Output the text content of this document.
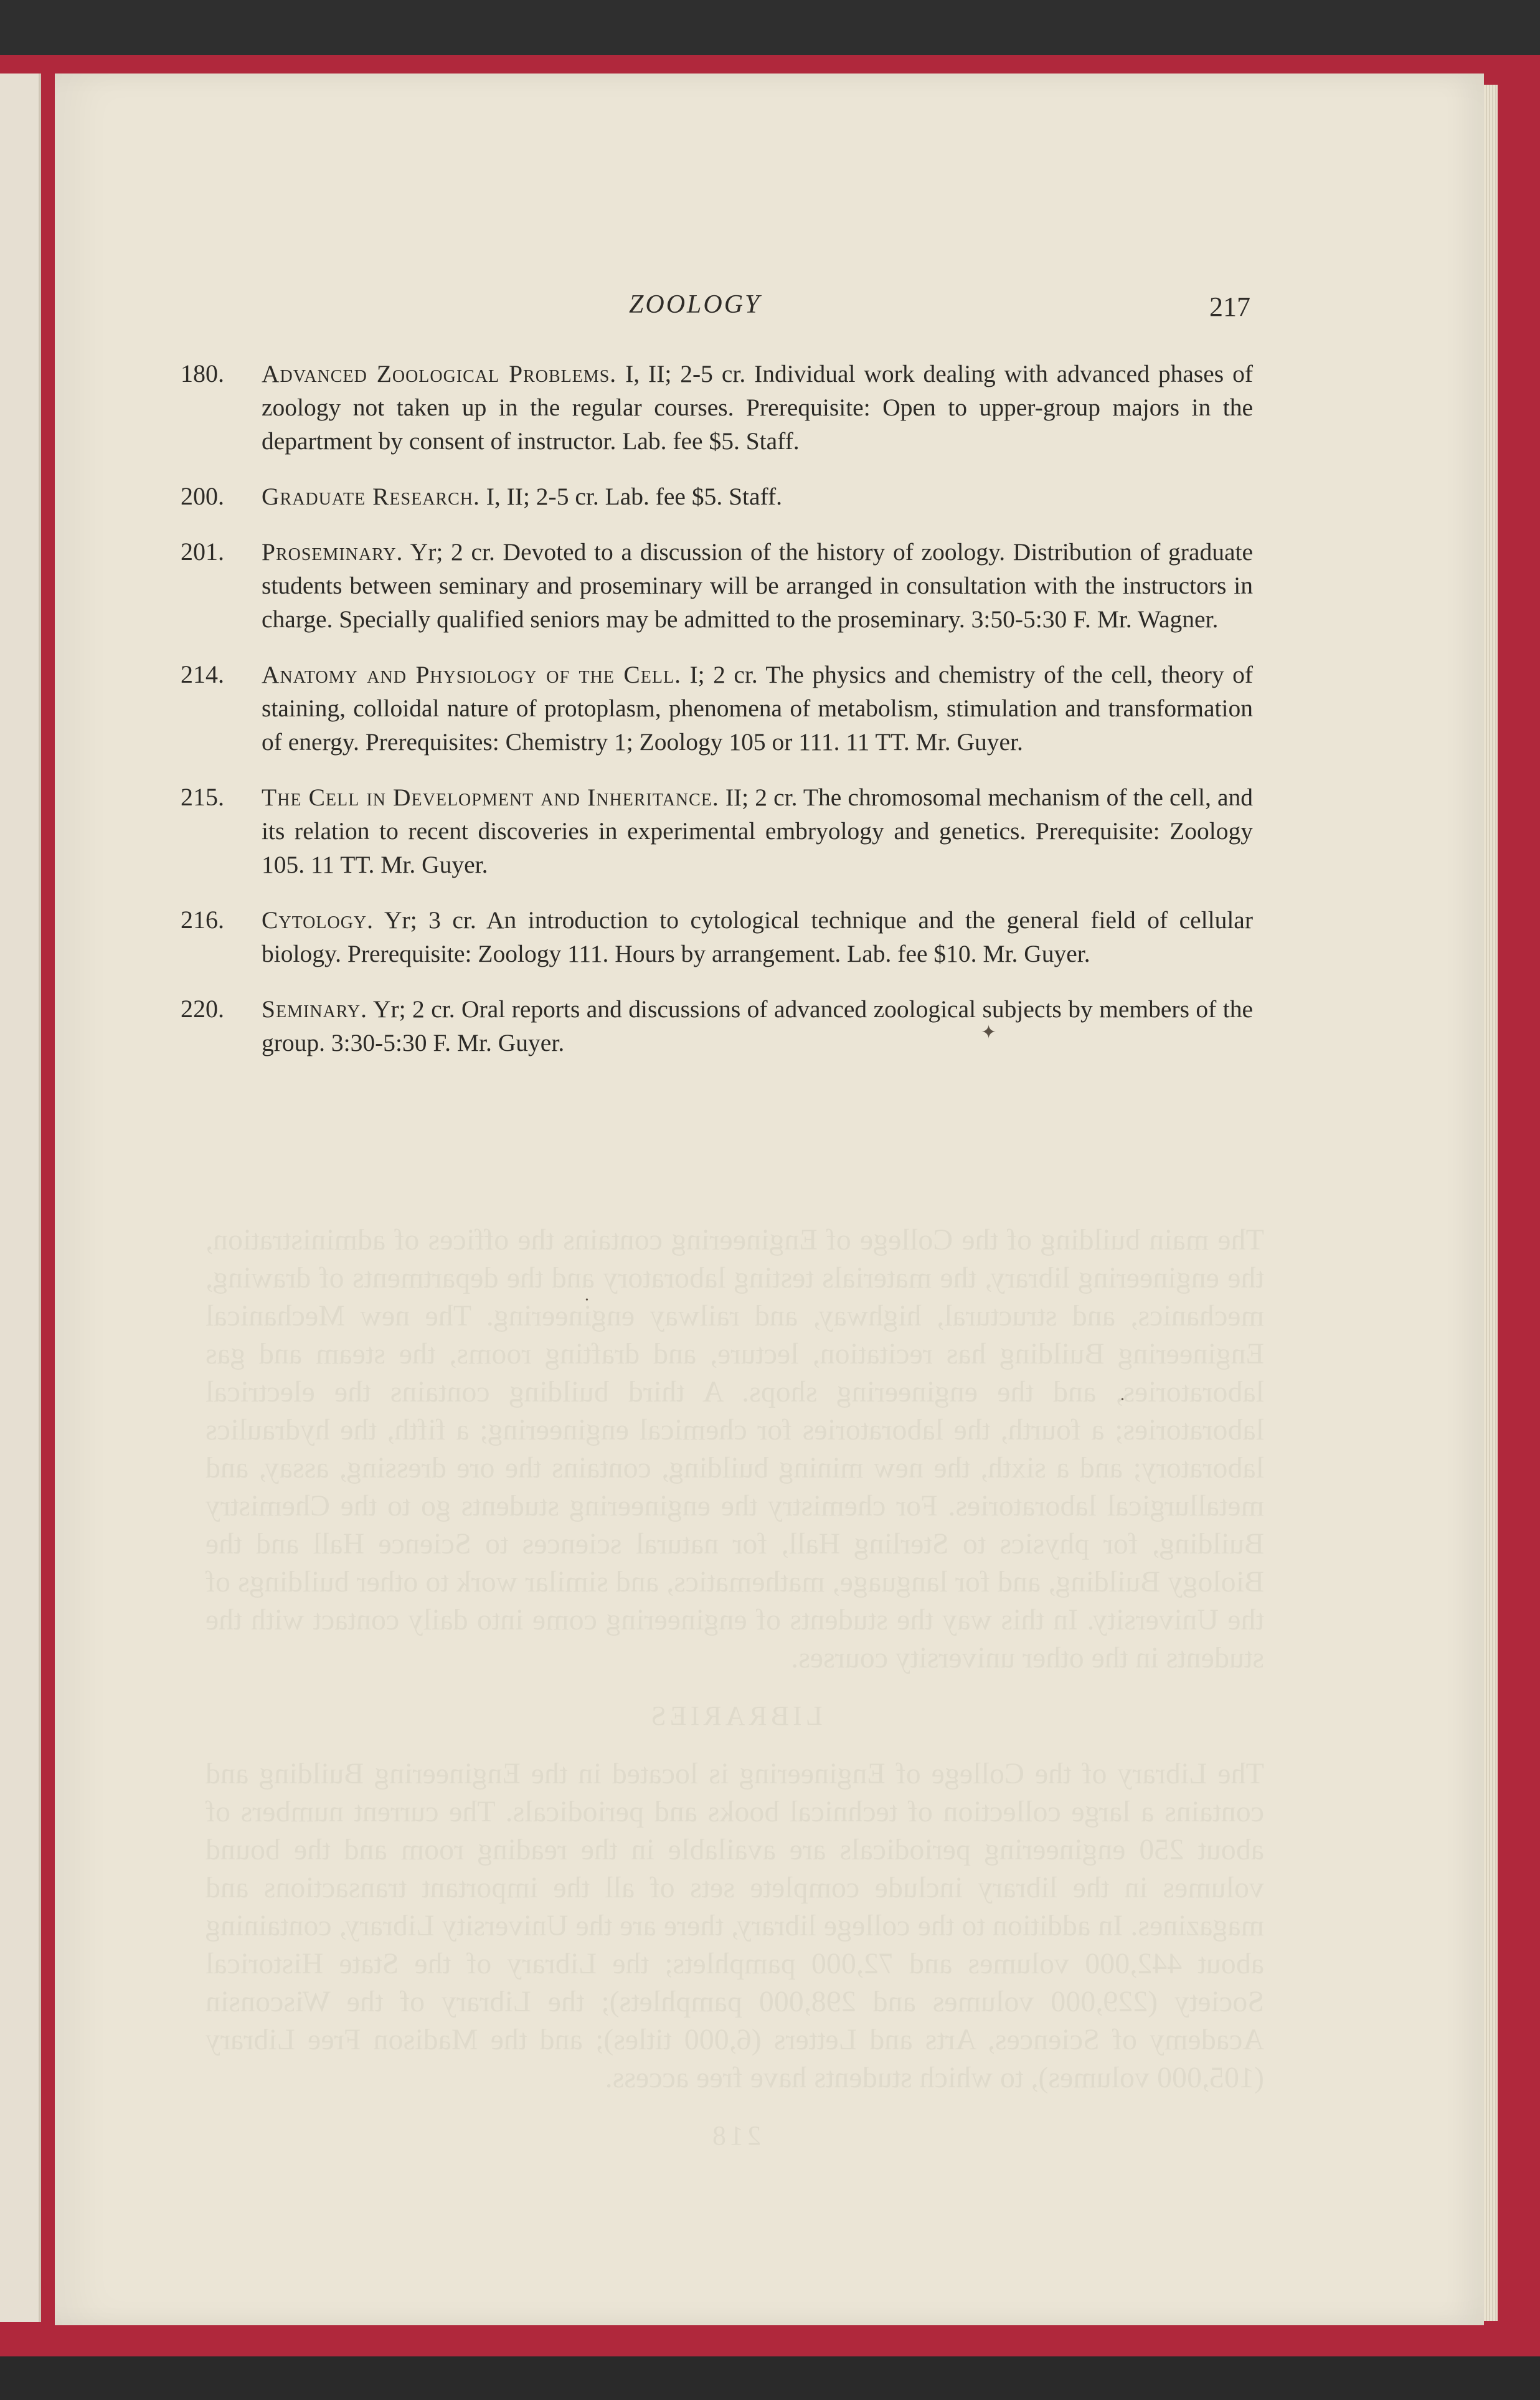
ZOOLOGY	217
180. Advanced Zoological Problems. I, II; 2-5 cr. Individual work dealing with advanced phases of zoology not taken up in the regular courses. Prerequisite: Open to upper-group majors in the department by consent of instructor. Lab. fee $5. Staff.

200. Graduate Research. I, II; 2-5 cr. Lab. fee $5. Staff.

201. Proseminary. Yr; 2 cr. Devoted to a discussion of the history of zoology. Distribution of graduate students between seminary and proseminary will be arranged in consultation with the instructors in charge. Specially qualified seniors may be admitted to the proseminary. 3:50-5:30 F. Mr. Wagner.

214. Anatomy and Physiology of the Cell. I; 2 cr. The physics and chemistry of the cell, theory of staining, colloidal nature of protoplasm, phenomena of metabolism, stimulation and transformation of energy. Prerequisites: Chemistry 1; Zoology 105 or 111. 11 TT. Mr. Guyer.

215. The Cell in Development and Inheritance. II; 2 cr. The chromosomal mechanism of the cell, and its relation to recent discoveries in experimental embryology and genetics. Prerequisite: Zoology 105. 11 TT. Mr. Guyer.

216. Cytology. Yr; 3 cr. An introduction to cytological technique and the general field of cellular biology. Prerequisite: Zoology 111. Hours by arrangement. Lab. fee $10. Mr. Guyer.

220. Seminary. Yr; 2 cr. Oral reports and discussions of advanced zoological subjects by members of the group. 3:30-5:30 F. Mr. Guyer.	✦
•
•
